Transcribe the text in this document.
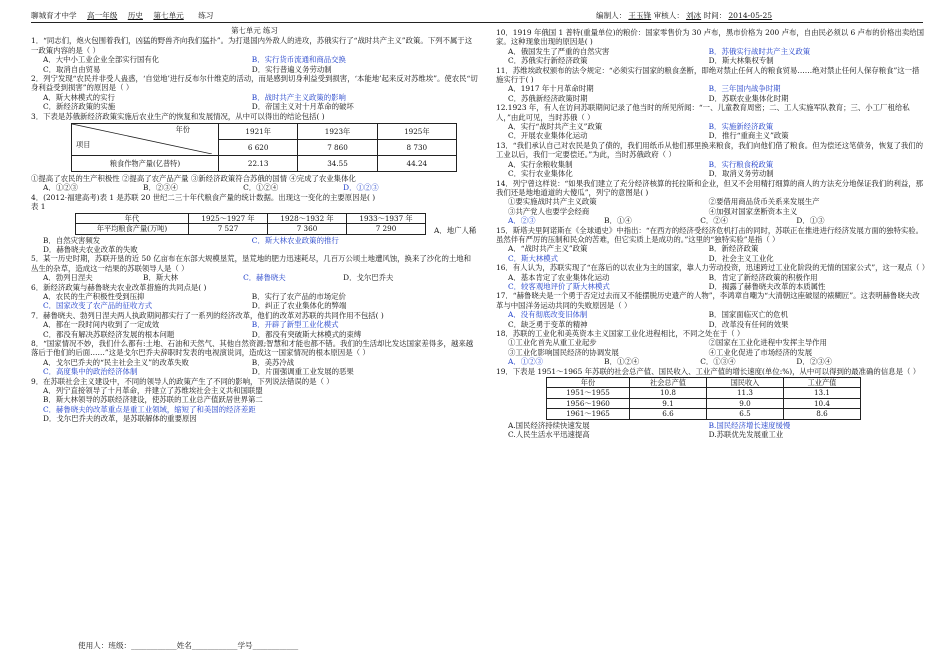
聊城育才中学 高一年级 历史 第七单元 练习	编制人： 王玉锋 审核人： 刘冰 时间： 2014-05-25
第七单元 练习

1．“同志们，炮火包围着我们，凶猛的野兽齐向我们猛扑”。为打退国内外敌人的进攻，苏俄实行了“战时共产主义”政策。下列不属于这一政策内容的是（ ）

A．大中小工业企业全部实行国有化	B．实行货币流通和商品交换
C．取消自由贸易	D．实行普遍义务劳动制

2．列宁发现“农民并非受人蛊惑，‘自觉地’进行反布尔什维克的活动，而是感到切身利益受到损害，‘本能地’起来反对苏维埃”。使农民“切身利益受到损害”的原因是（ ）

A．斯大林模式的实行	B．战时共产主义政策的影响
C．新经济政策的实施	D．帝国主义对十月革命的破坏

3．下表是苏俄新经济政策实施后农业生产的恢复和发展情况，从中可以得出的结论包括( )

年份
项目	1921年	1923年	1925年
	6 620	7 860	8 730
粮食作物产量(亿普特)	22.13	34.55	44.24

①提高了农民的生产积极性 ②提高了农产品产量 ③新经济政策符合苏俄的国情 ④完成了农业集体化

A．①②③	B．②③④	C．①②④	D．①②③

4．(2012·福建高考)表 1 是苏联 20 世纪二三十年代粮食产量的统计数据。出现这一变化的主要原因是( )

表 1

年代	1925～1927 年	1928～1932 年	1933～1937 年
年平均粮食产量(万吨)	7 527	7 360	7 290	A．地广人稀
B．自然灾害频发	C．斯大林农业政策的推行
D．赫鲁晓夫农业改革的失败

5．某一历史时期，苏联开垦的近 50 亿亩布在东部大规模垦荒，垦荒地的肥力迅速耗尽，几百万公顷土地遭风蚀，换来了沙化的土地和丛生的杂草，造成这一结果的苏联领导人是（ ）

A．勃列日涅夫	B．斯大林	C．赫鲁晓夫	D．戈尔巴乔夫

6．新经济政策与赫鲁晓夫农业改革措施的共同点是( )

A．农民的生产积极性受到压抑	B．实行了农产品的市场定价
C．国家改变了农产品的征收方式	D．纠正了农业集体化的弊端

7．赫鲁晓夫、勃列日涅夫两人执政期间都实行了一系列的经济改革，他们的改革对苏联的共同作用不包括( )

A．都在一段时间内收到了一定成效	B．开辟了新型工业化模式
C．都没有解决苏联经济发展的根本问题	D．都没有突破斯大林模式的束缚

8．“国家情况不妙，我们什么都有:土地、石油和天然气、其他自然资源;智慧和才能也都不错。我们的生活却比发达国家差得多，越来越落后于他们的后面……”这是戈尔巴乔夫辞职时发表的电视演说词，造成这一国家情况的根本原因是（ ）

A．戈尔巴乔夫的“民主社会主义”的改革失败	B．美苏冷战
C．高度集中的政治经济体制	D．片面强调重工业发展的恶果

9．在苏联社会主义建设中，不同的领导人的政策产生了不同的影响，下列说法错误的是（ ）

A．列宁直接领导了十月革命，并建立了苏维埃社会主义共和国联盟
B．斯大林领导的苏联经济建设，使苏联的工业总产值跃居世界第二
C．赫鲁晓夫的改革重点是重工业领域，缩短了和美国的经济差距
D．戈尔巴乔夫的改革，是苏联解体的重要原因

10．1919 年俄国 1 普特(重量单位)的粮价：国家零售价为 30 卢布，黑市价格为 200 卢布，自由民必须以 6 卢布的价格出卖给国家。这种现象出现的原因是( )

A．俄国发生了严重的自然灾害	B．苏俄实行战时共产主义政策
C．苏俄实行新经济政策	D．斯大林集权专制

11．苏维埃政权颁布的法令规定：“必须实行国家的粮食垄断，即绝对禁止任何人的粮食贸易……绝对禁止任何人保存粮食”这一措施实行于( )

A．1917 年十月革命时期	B．三年国内战争时期
C．苏俄新经济政策时期	D．苏联农业集体化时期

12.1923 年，有人在访问苏联期间记录了他当时的所见所闻：“一、儿童教育周密；二、工人实施军队教育；三、小工厂租给私人，”由此可见，当时苏俄（ ）

A．实行“战时共产主义”政策	B．实施新经济政策
C．开展农业集体化运动	D．推行“重商主义”政策

13．“我们承认自己对农民是负了债的，我们用纸币从他们那里换来粮食，我们向他们借了粮食。但为偿还这笔债务，恢复了我们的工业以后，我们一定要偿还。”为此，当时苏俄政府（ ）

A．实行余粮收集制	B．实行粮食税政策
C．实行农业集体化	D．取消义务劳动制

14．列宁曾这样说：“如果我们建立了充分经济核算的托拉斯和企业，但又不会用精打细算的商人的方法充分地保证我们的利益，那我们还是地地道道的大傻瓜”，列宁的意图是( )

①要实施战时共产主义政策	②要借用商品货币关系来发展生产
③共产党人也要学会经商	④加强对国家垄断资本主义
A．②③	B．①④	C．②④	D．①③

15．斯塔夫里阿诺斯在《全球通史》中指出：“在西方的经济受经济危机打击的同时，苏联正在推进进行经济发展方面的独特实验。虽然伴有严厉的压制和民众的苦难，但它实质上是成功的。”这里的“独特实验”是指（ ）

A．“战时共产主义”政策	B．新经济政策
C．斯大林模式	D．社会主义工业化

16．有人认为，苏联实现了“在落后的以农业为主的国家，靠人力劳动投资，迅速跨过工业化阶段的无情的国家公式”，这一观点（ ）

A．基本肯定了农业集体化运动	B．肯定了新经济政策的积极作用
C．较客观地评价了斯大林模式	D．揭露了赫鲁晓夫改革的本质属性

17．“赫鲁晓夫是一个勇于否定过去而又不能摆脱历史遗产的人物”，李鸿章自嘲为“大清朝这座破屋的裱糊匠”。这表明赫鲁晓夫改革与中国洋务运动共同的失败原因是（ ）

A．没有彻底改变旧体制	B．国家面临灭亡的危机
C．缺乏勇于变革的精神	D．改革没有任何的效果

18．苏联的工业化和美英资本主义国家工业化进程相比，不同之处在于（ ）

①工业化首先从重工业起步	②国家在工业化进程中发挥主导作用
③工业化影响国民经济的协调发展	④工业化促进了市场经济的发展
A．①②③	B．①②④	C．①③④	D．②③④

19．下表是 1951～1965 年苏联的社会总产值、国民收入、工业产值的增长速度(单位:%)，从中可以得到的最准确的信息是（ ）

年份	社会总产值	国民收入	工业产值
1951～1955	10.8	11.3	13.1
1956～1960	9.1	9.0	10.4
1961～1965	6.6	6.5	8.6
A.国民经济持续快速发展	B.国民经济增长速度缓慢
C.人民生活水平迅速提高	D.苏联优先发展重工业
使用人：班级：____________姓名____________学号____________
